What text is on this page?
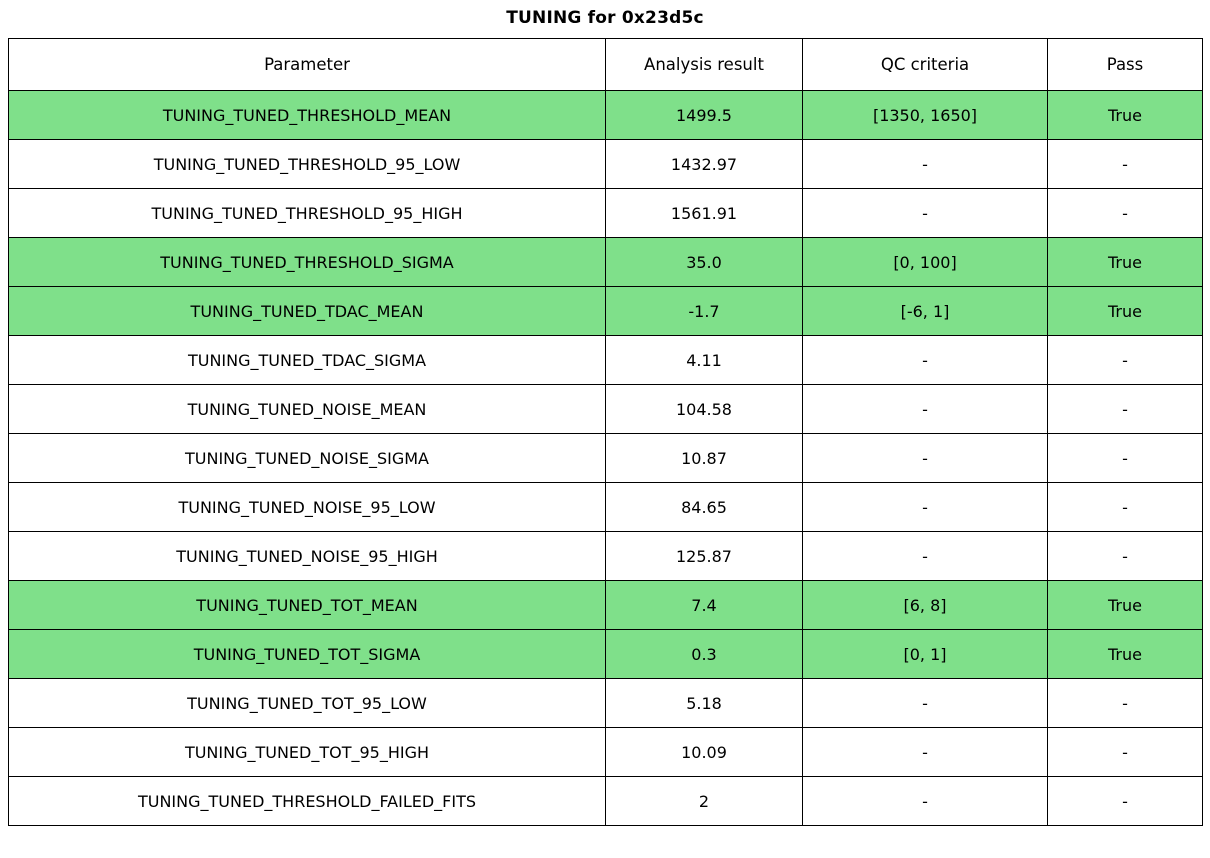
TUNING for 0x23d5c
Parameter	Analysis result	QC criteria	Pass
TUNING_TUNED_THRESHOLD_MEAN	1499.5	[1350, 1650]	True
TUNING_TUNED_THRESHOLD_95_LOW	1432.97	-	-
TUNING_TUNED_THRESHOLD_95_HIGH	1561.91	-	-
TUNING_TUNED_THRESHOLD_SIGMA	35.0	[0, 100]	True
TUNING_TUNED_TDAC_MEAN	-1.7	[-6, 1]	True
TUNING_TUNED_TDAC_SIGMA	4.11	-	-
TUNING_TUNED_NOISE_MEAN	104.58	-	-
TUNING_TUNED_NOISE_SIGMA	10.87	-	-
TUNING_TUNED_NOISE_95_LOW	84.65	-	-
TUNING_TUNED_NOISE_95_HIGH	125.87	-	-
TUNING_TUNED_TOT_MEAN	7.4	[6, 8]	True
TUNING_TUNED_TOT_SIGMA	0.3	[0, 1]	True
TUNING_TUNED_TOT_95_LOW	5.18	-	-
TUNING_TUNED_TOT_95_HIGH	10.09	-	-
TUNING_TUNED_THRESHOLD_FAILED_FITS	2	-	-
